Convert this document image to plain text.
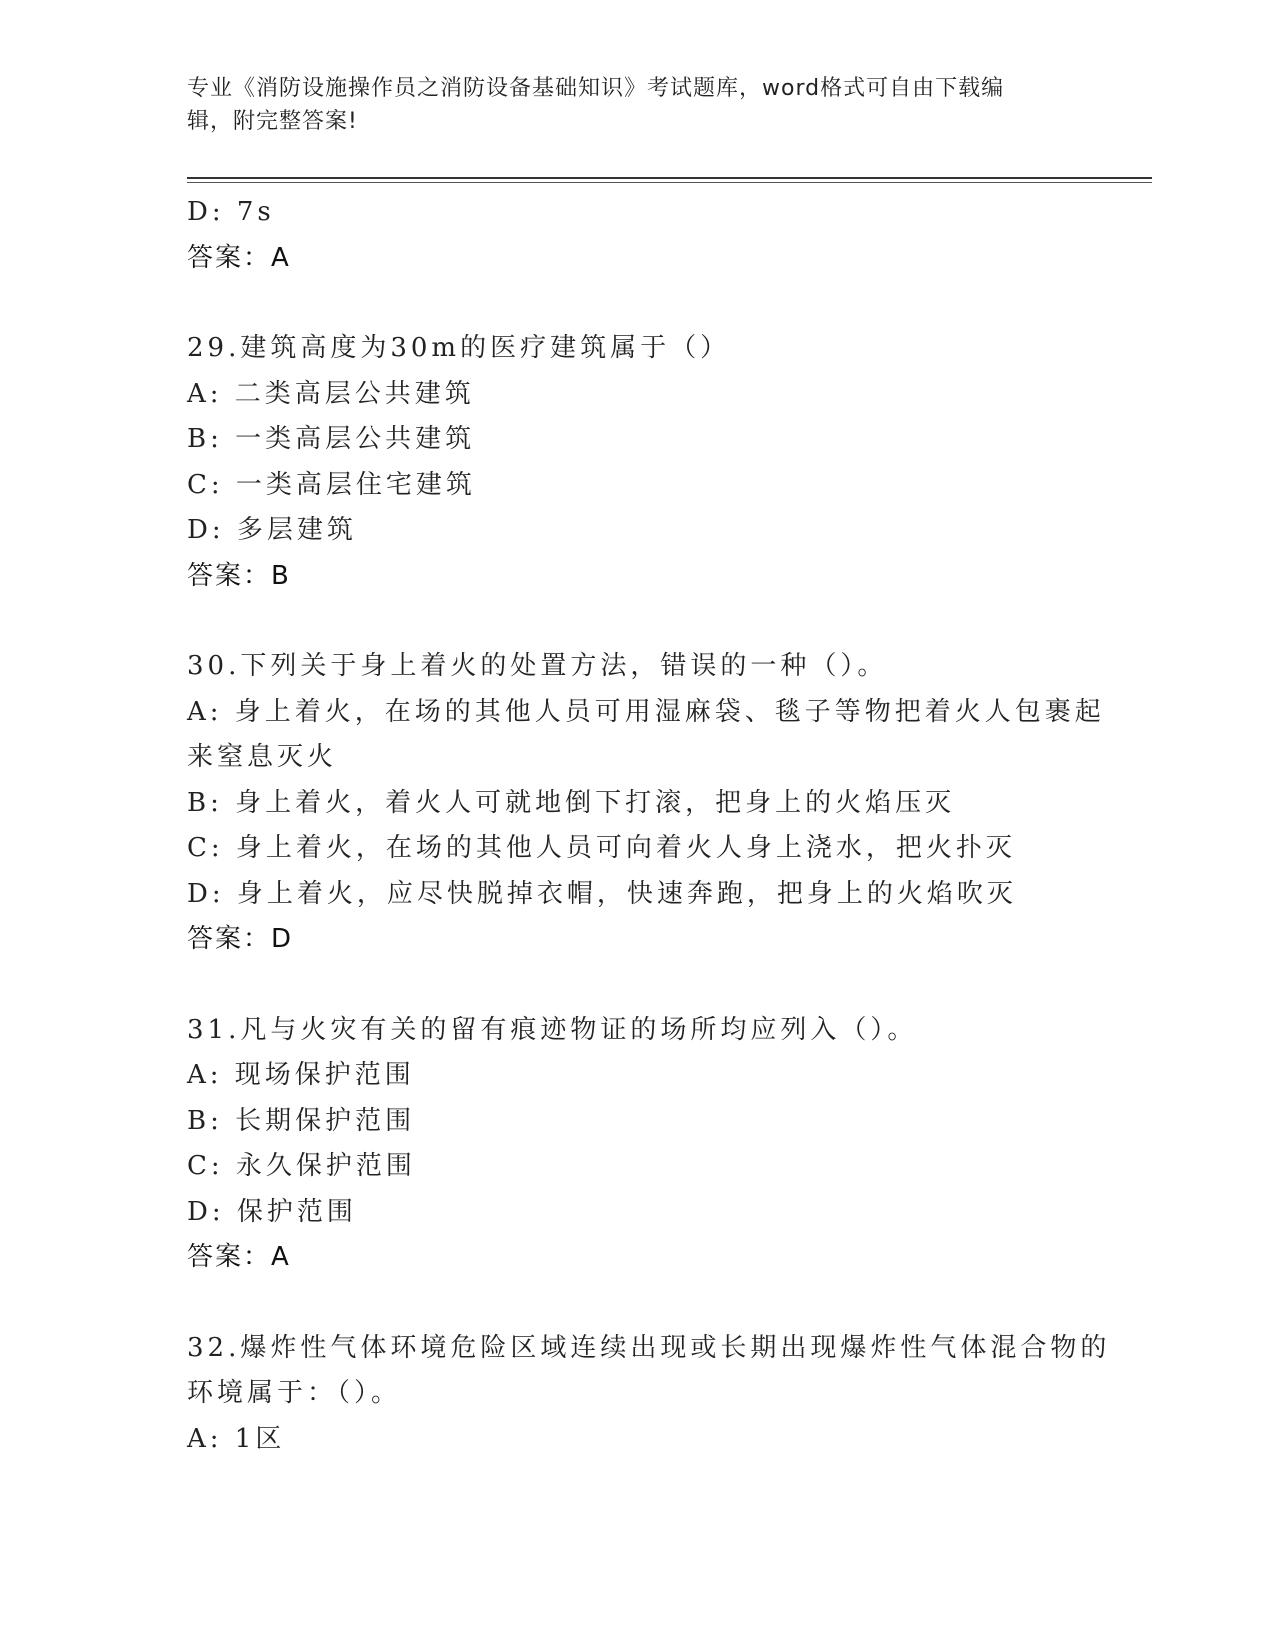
专业《消防设施操作员之消防设备基础知识》考试题库，word格式可自由下载编
辑，附完整答案!
D: 7s
答案：A
29.建筑高度为30m的医疗建筑属于（）
A: 二类高层公共建筑
B: 一类高层公共建筑
C: 一类高层住宅建筑
D: 多层建筑
答案：B
30.下列关于身上着火的处置方法，错误的一种（）。
A: 身上着火，在场的其他人员可用湿麻袋、毯子等物把着火人包裹起
来窒息灭火
B: 身上着火，着火人可就地倒下打滚，把身上的火焰压灭
C: 身上着火，在场的其他人员可向着火人身上浇水，把火扑灭
D: 身上着火，应尽快脱掉衣帽，快速奔跑，把身上的火焰吹灭
答案：D
31.凡与火灾有关的留有痕迹物证的场所均应列入（）。
A: 现场保护范围
B: 长期保护范围
C: 永久保护范围
D: 保护范围
答案：A
32.爆炸性气体环境危险区域连续出现或长期出现爆炸性气体混合物的
环境属于：（）。
A: 1区
